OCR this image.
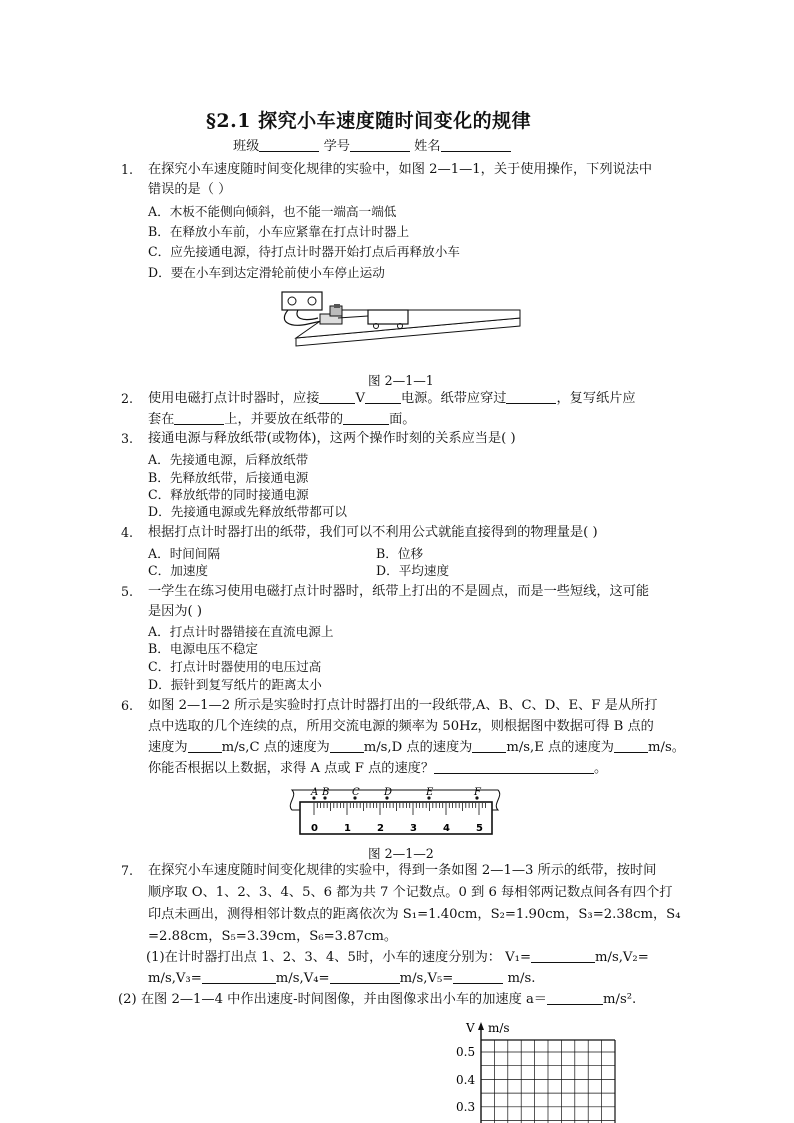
§2.1 探究小车速度随时间变化的规律
班级	学号	姓名
1. 在探究小车速度随时间变化规律的实验中，如图 2—1—1，关于使用操作，下列说法中
错误的是（ ）
A．木板不能侧向倾斜，也不能一端高一端低
B．在释放小车前，小车应紧靠在打点计时器上
C．应先接通电源，待打点计时器开始打点后再释放小车
D．要在小车到达定滑轮前使小车停止运动
图 2—1—1
2. 使用电磁打点计时器时，应接	V	电源。纸带应穿过	，复写纸片应
套在	上，并要放在纸带的	面。
3. 接通电源与释放纸带(或物体)，这两个操作时刻的关系应当是( )
A．先接通电源，后释放纸带
B．先释放纸带，后接通电源
C．释放纸带的同时接通电源
D．先接通电源或先释放纸带都可以
4. 根据打点计时器打出的纸带，我们可以不利用公式就能直接得到的物理量是( )
A．时间间隔	B．位移
C．加速度	D．平均速度
5. 一学生在练习使用电磁打点计时器时，纸带上打出的不是圆点，而是一些短线，这可能
是因为( )
A．打点计时器错接在直流电源上
B．电源电压不稳定
C．打点计时器使用的电压过高
D．振针到复写纸片的距离太小
6. 如图 2—1—2 所示是实验时打点计时器打出的一段纸带,A、B、C、D、E、F 是从所打
点中选取的几个连续的点，所用交流电源的频率为 50Hz，则根据图中数据可得 B 点的
速度为	m/s,C 点的速度为	m/s,D 点的速度为	m/s,E 点的速度为	m/s。
你能否根据以上数据，求得 A 点或 F 点的速度？	。
A B C D	E	F
0	1	2	3	4	5
图 2—1—2
7. 在探究小车速度随时间变化规律的实验中，得到一条如图 2—1—3 所示的纸带，按时间
顺序取 O、1、2、3、4、5、6 都为共 7 个记数点。0 到 6 每相邻两记数点间各有四个打
印点未画出，测得相邻计数点的距离依次为 S₁=1.40cm，S₂=1.90cm，S₃=2.38cm，S₄
=2.88cm，S₅=3.39cm，S₆=3.87cm。
(1)在计时器打出点 1、2、3、4、5时，小车的速度分别为： V₁=	m/s,V₂=
m/s,V₃=	m/s,V₄=	m/s,V₅=	m/s.
(2) 在图 2—1—4 中作出速度-时间图像，并由图像求出小车的加速度 a＝	m/s².
V m/s
0.5
0.4
0.3
